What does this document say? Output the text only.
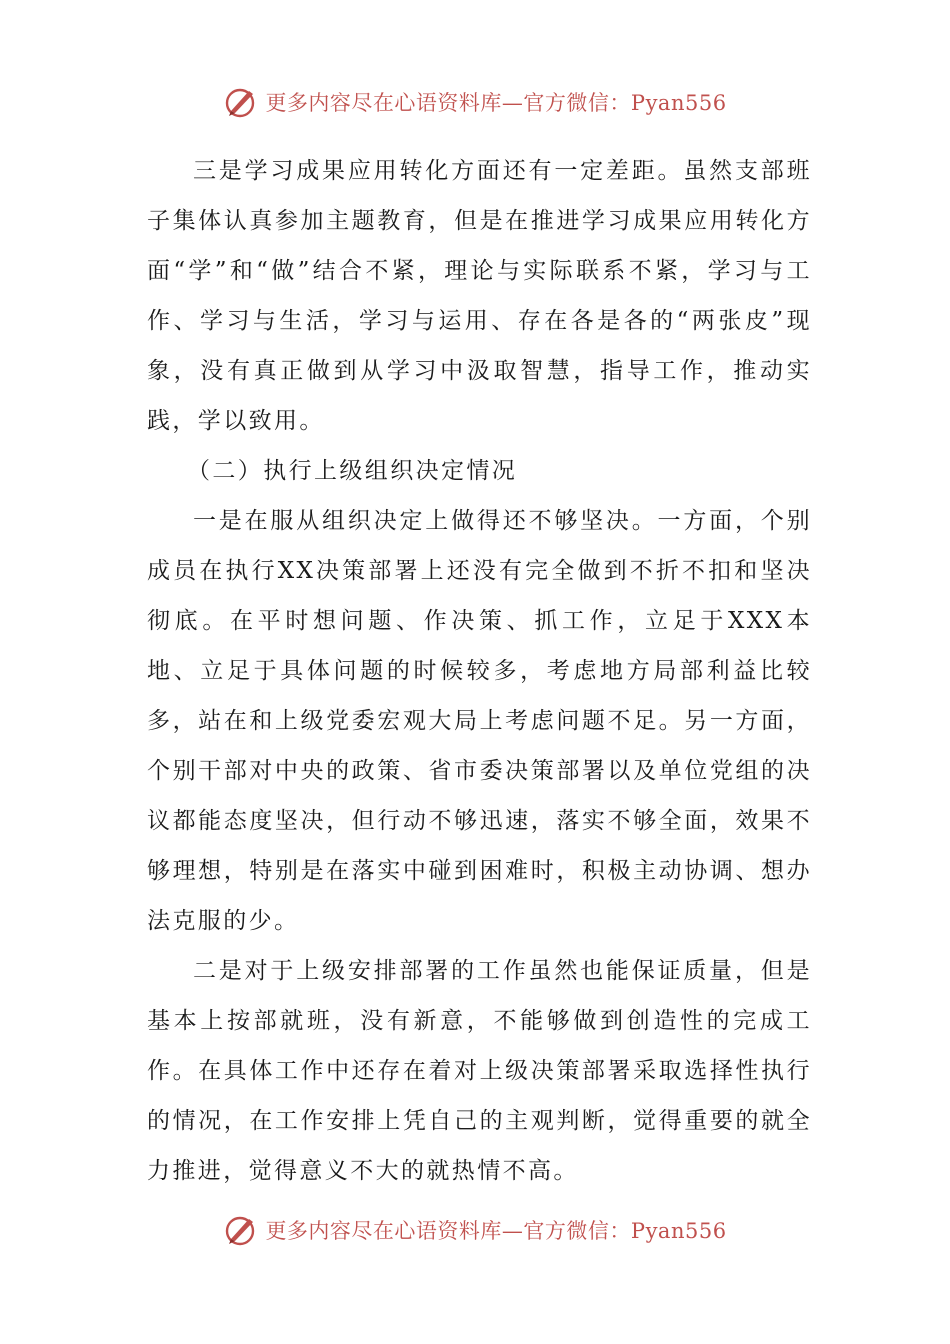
更多内容尽在心语资料库—官方微信：Pyan556

三是学习成果应用转化方面还有一定差距。虽然支部班子集体认真参加主题教育，但是在推进学习成果应用转化方面“学”和“做”结合不紧，理论与实际联系不紧，学习与工作、学习与生活，学习与运用、存在各是各的“两张皮”现象，没有真正做到从学习中汲取智慧，指导工作，推动实践，学以致用。

（二）执行上级组织决定情况

一是在服从组织决定上做得还不够坚决。一方面，个别成员在执行XX决策部署上还没有完全做到不折不扣和坚决彻底。在平时想问题、作决策、抓工作，立足于XXX本地、立足于具体问题的时候较多，考虑地方局部利益比较多，站在和上级党委宏观大局上考虑问题不足。另一方面，个别干部对中央的政策、省市委决策部署以及单位党组的决议都能态度坚决，但行动不够迅速，落实不够全面，效果不够理想，特别是在落实中碰到困难时，积极主动协调、想办法克服的少。

二是对于上级安排部署的工作虽然也能保证质量，但是基本上按部就班，没有新意，不能够做到创造性的完成工作。在具体工作中还存在着对上级决策部署采取选择性执行的情况，在工作安排上凭自己的主观判断，觉得重要的就全力推进，觉得意义不大的就热情不高。

更多内容尽在心语资料库—官方微信：Pyan556
